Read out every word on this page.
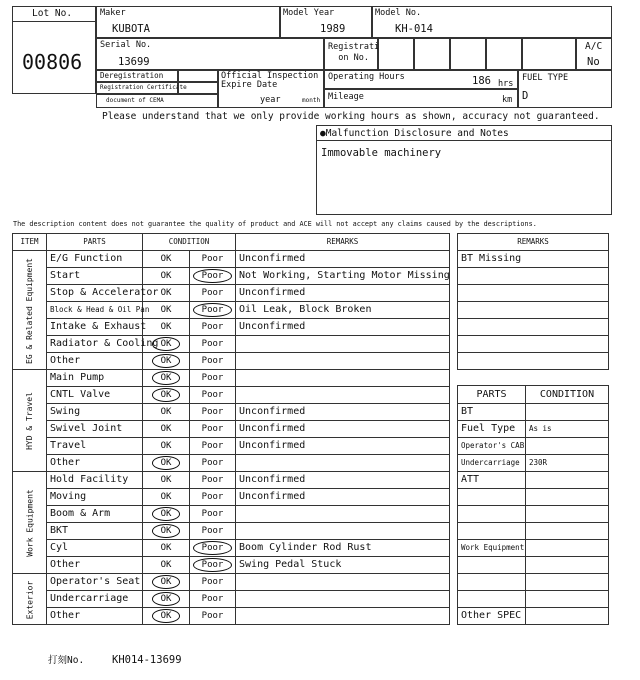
Lot No.
00806
Maker
KUBOTA
Model Year
1989
Model No.
KH-014
Serial No.
13699
Registrati
on No.
A/C
No
Deregistration
Registration Certificate
document of CEMA
Official Inspection
Expire Date
year	month
Operating Hours	186 hrs
Mileage	km
FUEL TYPE
D
Please understand that we only provide working hours as shown, accuracy not guaranteed.
●Malfunction Disclosure and Notes
Immovable machinery
The description content does not guarantee the quality of product and ACE will not accept any claims caused by the descriptions.
ITEM	PARTS	CONDITION		REMARKS

EG & Related Equipment	E/G Function	OK	Poor	Unconfirmed
	Start	OK	Poor	Not Working, Starting Motor Missing
	Stop & Accelerator	OK	Poor	Unconfirmed
	Block & Head & Oil Pan	OK	Poor	Oil Leak, Block Broken
	Intake & Exhaust	OK	Poor	Unconfirmed
	Radiator & Cooling	OK	Poor	
	Other	OK	Poor	

HYD & Travel	Main Pump	OK	Poor	
	CNTL Valve	OK	Poor	
	Swing	OK	Poor	Unconfirmed
	Swivel Joint	OK	Poor	Unconfirmed
	Travel	OK	Poor	Unconfirmed
	Other	OK	Poor	

Work Equipment	Hold Facility	OK	Poor	Unconfirmed
	Moving	OK	Poor	Unconfirmed
	Boom & Arm	OK	Poor	
	BKT	OK	Poor	
	Cyl	OK	Poor	Boom Cylinder Rod Rust
	Other	OK	Poor	Swing Pedal Stuck

Exterior	Operator's Seat	OK	Poor	
	Undercarriage	OK	Poor	
	Other	OK	Poor	
REMARKS
BT Missing

PARTS	CONDITION
BT	
Fuel Type	As is
Operator's CAB	
Undercarriage	230R
ATT	

Work Equipment	

Other SPEC	
打刻No.	KH014-13699
